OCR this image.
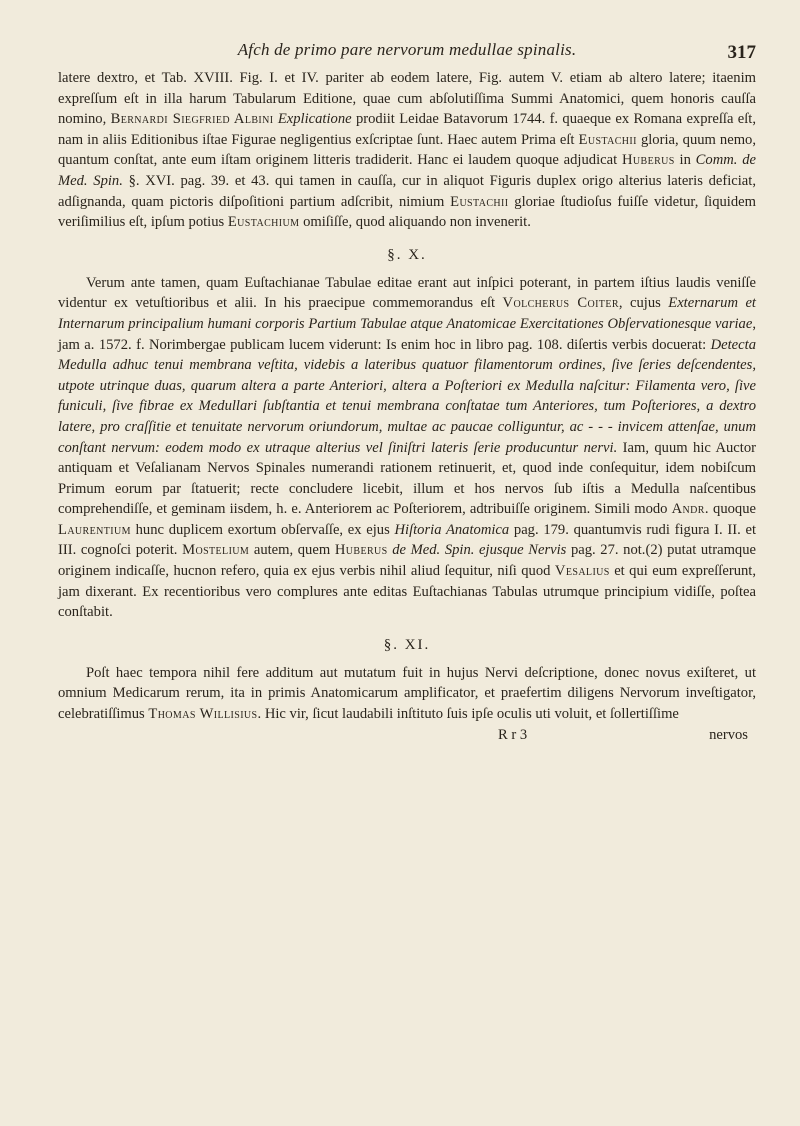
Afch de primo pare nervorum medullae spinalis.	317

latere dextro, et Tab. XVIII. Fig. I. et IV. pariter ab eodem latere, Fig. autem V. etiam ab altero latere; itaenim expreſſum eſt in illa harum Tabularum Editione, quae cum abſolutiſſima Summi Anatomici, quem honoris cauſſa nomino, Bernardi Siegfried Albini Explicatione prodiit Leidae Batavorum 1744. f. quaeque ex Romana expreſſa eſt, nam in aliis Editionibus iſtae Figurae negligentius exſcriptae ſunt. Haec autem Prima eſt Eustachii gloria, quum nemo, quantum conſtat, ante eum iſtam originem litteris tradiderit. Hanc ei laudem quoque adjudicat Huberus in Comm. de Med. Spin. §. XVI. pag. 39. et 43. qui tamen in cauſſa, cur in aliquot Figuris duplex origo alterius lateris deficiat, adſignanda, quam pictoris diſpoſitioni partium adſcribit, nimium Eustachii gloriae ſtudioſus fuiſſe videtur, ſiquidem veriſimilius eſt, ipſum potius Eustachium omiſiſſe, quod aliquando non invenerit.

§. X.

Verum ante tamen, quam Euſtachianae Tabulae editae erant aut inſpici poterant, in partem iſtius laudis veniſſe videntur ex vetuſtioribus et alii. In his praecipue commemorandus eſt Volcherus Coiter, cujus Externarum et Internarum principalium humani corporis Partium Tabulae atque Anatomicae Exercitationes Obſervationesque variae, jam a. 1572. f. Norimbergae publicam lucem viderunt: Is enim hoc in libro pag. 108. diſertis verbis docuerat: Detecta Medulla adhuc tenui membrana veſtita, videbis a lateribus quatuor filamentorum ordines, ſive ſeries deſcendentes, utpote utrinque duas, quarum altera a parte Anteriori, altera a Poſteriori ex Medulla naſcitur: Filamenta vero, ſive funiculi, ſive fibrae ex Medullari ſubſtantia et tenui membrana conſtatae tum Anteriores, tum Poſteriores, a dextro latere, pro craſſitie et tenuitate nervorum oriundorum, multae ac paucae colliguntur, ac - - - invicem attenſae, unum conſtant nervum: eodem modo ex utraque alterius vel ſiniſtri lateris ſerie producuntur nervi. Iam, quum hic Auctor antiquam et Veſalianam Nervos Spinales numerandi rationem retinuerit, et, quod inde conſequitur, idem nobiſcum Primum eorum par ſtatuerit; recte concludere licebit, illum et hos nervos ſub iſtis a Medulla naſcentibus comprehendiſſe, et geminam iisdem, h. e. Anteriorem ac Poſteriorem, adtribuiſſe originem. Simili modo Andr. quoque Laurentium hunc duplicem exortum obſervaſſe, ex ejus Hiſtoria Anatomica pag. 179. quantumvis rudi figura I. II. et III. cognoſci poterit. Mostelium autem, quem Huberus de Med. Spin. ejusque Nervis pag. 27. not.(2) putat utramque originem indicaſſe, hucnon refero, quia ex ejus verbis nihil aliud ſequitur, niſi quod Vesalius et qui eum expreſſerunt, jam dixerant. Ex recentioribus vero complures ante editas Euſtachianas Tabulas utrumque principium vidiſſe, poſtea conſtabit.

§. XI.

Poſt haec tempora nihil fere additum aut mutatum fuit in hujus Nervi deſcriptione, donec novus exiſteret, ut omnium Medicarum rerum, ita in primis Anatomicarum amplificator, et praefertim diligens Nervorum inveſtigator, celebratiſſimus Thomas Willisius. Hic vir, ſicut laudabili inſtituto ſuis ipſe oculis uti voluit, et ſollertiſſime

R r 3	nervos
